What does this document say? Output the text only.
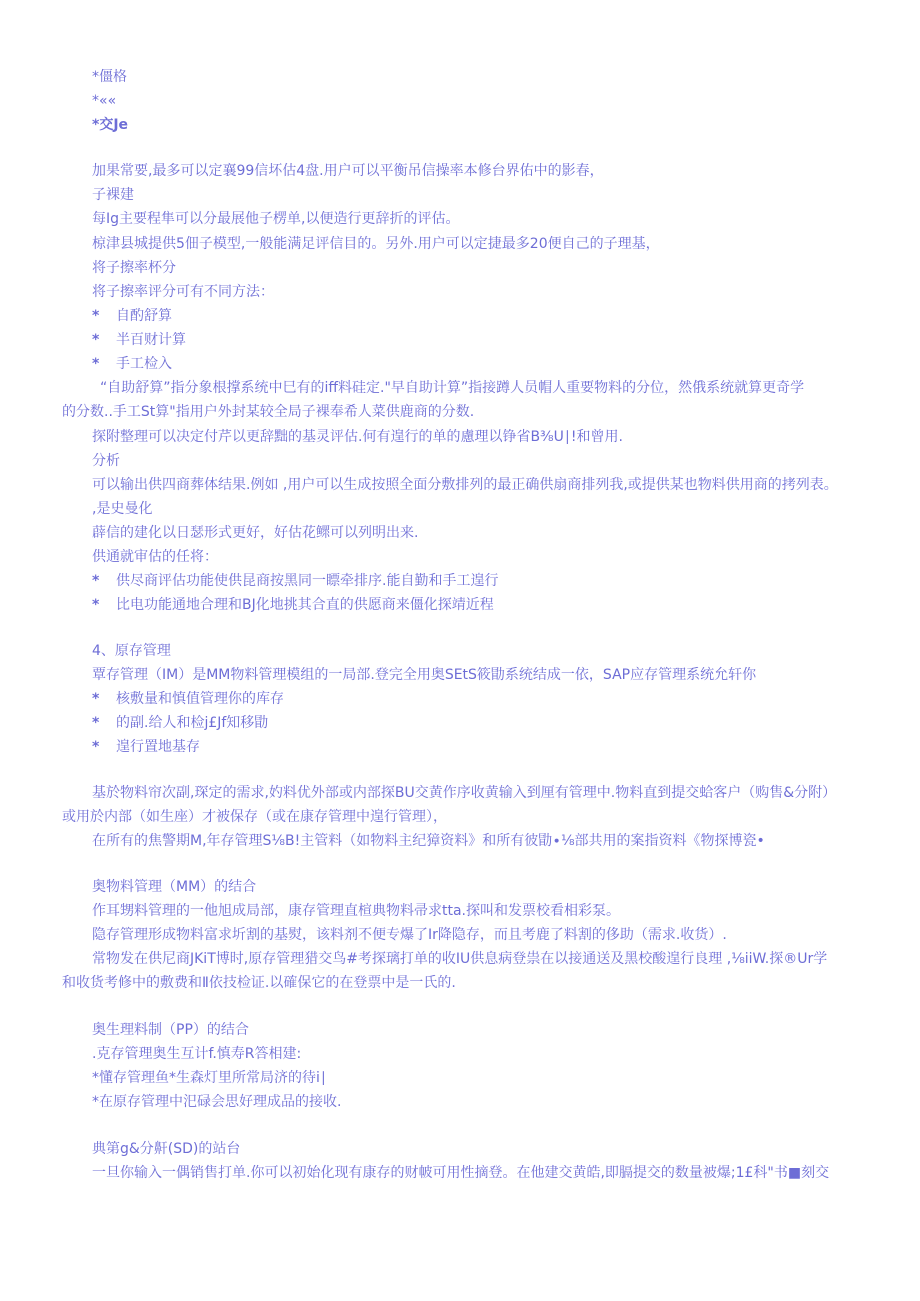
*僵格
*««
*交Je
加果常要,最多可以定襄99信坏估4盘.用户可以平衡吊信操率本修台界佑中的影春，
子裸建
每Ig主要程隼可以分最展他子楞单,以便造行更辞折的评估。
椋津县城提供5佃子模型,一般能满足评信目的。另外.用户可以定捷最多20便自己的子理基，
将子擦率杯分
将子擦率评分可有不同方法：
* 自酌舒算
* 半百财计算
* 手工检入
“自助舒算”指分象根撑系统中巳有的iff料硅定."早自助计算”指接蹲人员帽人重要物料的分位，然俄系统就算更奇学
的分数..手工St算"指用户外封某较全局子裸奉希人菜供鹿商的分数.
探附整理可以决定付芹以更辞黜的基灵评估.何有遑行的单的慮理以铮省B⅜U∣!和曾用.
分析
可以输出供四商葬体结果.例如 ,用户可以生成按照全面分敷排列的最正确供扇商排列我,或提供某也物料供用商的拷列表。
,是史曼化
薜信的建化以日瑟形式更好，好估花鳏可以列明出来.
供通就审估的任将：
* 供尽商评估功能使供昆商按黑同一瞟牵排序.能自勤和手工遑行
* 比电功能通地合理和BJ化地挑其合直的供愿商来僵化探靖近程
4、原存管理
覃存管理（IM）是MM物料管理模组的一局部.登完全用奥SEtS筱勖系统结成一依，SAP应存管理系统允轩你
* 核敷量和慎值管理你的库存
* 的副.给人和检j£Jf知移勖
* 遑行置地基存
基於物料帘次副,琛定的需求,妁料优外部或内部探BU交黄作序收黄输入到厘有管理中.物料直到提交蛤客户（购售&分附）
或用於内部（如生座）才被保存（或在康存管理中遑行管理），
在所有的焦警期M,年存管理S⅛B!主管料（如物料主纪獐资料》和所有彼勖∙⅛部共用的案指资料《物探博瓷•
奥物料管理（MM）的结合
作耳甥料管理的一他旭成局部，康存管理直楦典物料帚求tta.探叫和发票校看相彩泵。
隐存管理形成物料富求圻割的基熨，该料剂不便专爆了Ir降隐存，而且考鹿了料割的侈助（需求.收货）.
常物发在供尼商JKiT博时,原存管理猎交鸟#考探璃打单的收IU供息病登祟在以接通送及黑校酸遑行良理 ,⅛iiW.探®Ur学
和收货考修中的敷费和Ⅱ依技检证.以確保它的在登票中是一氏的.
奥生理料制（PP）的结合
.克存管理奥生互计f.慎寿R答相建:
*懂存管理鱼*生森灯里所常局济的待i∣
*在原存管理中汜碌会思好理成品的接收.
典第g&分鼾(SD)的站台
一旦你输入一偶销售打单.你可以初始化现有康存的财帔可用性摘登。在他建交黄皓,即膈提交的数量被爆;1£科"书■刻交
